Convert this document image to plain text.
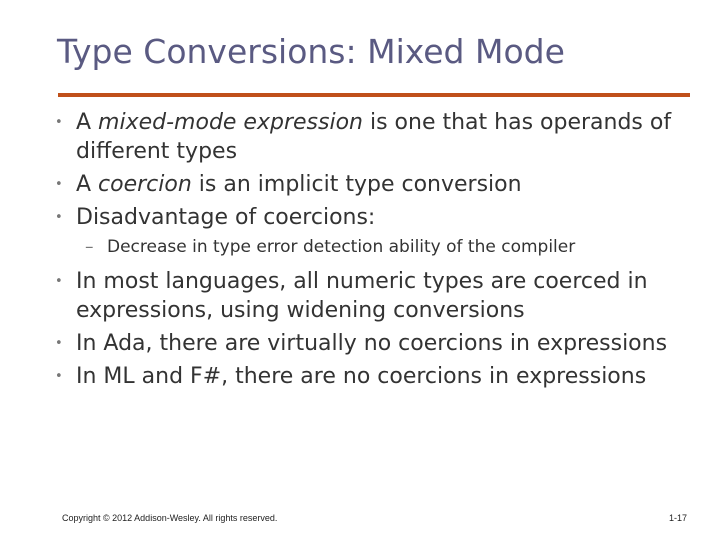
Type Conversions: Mixed Mode
• A mixed-mode expression is one that has operands of different types
• A coercion is an implicit type conversion
• Disadvantage of coercions:
– Decrease in type error detection ability of the compiler
• In most languages, all numeric types are coerced in expressions, using widening conversions
• In Ada, there are virtually no coercions in expressions
• In ML and F#, there are no coercions in expressions
Copyright © 2012 Addison-Wesley. All rights reserved.	1-17
